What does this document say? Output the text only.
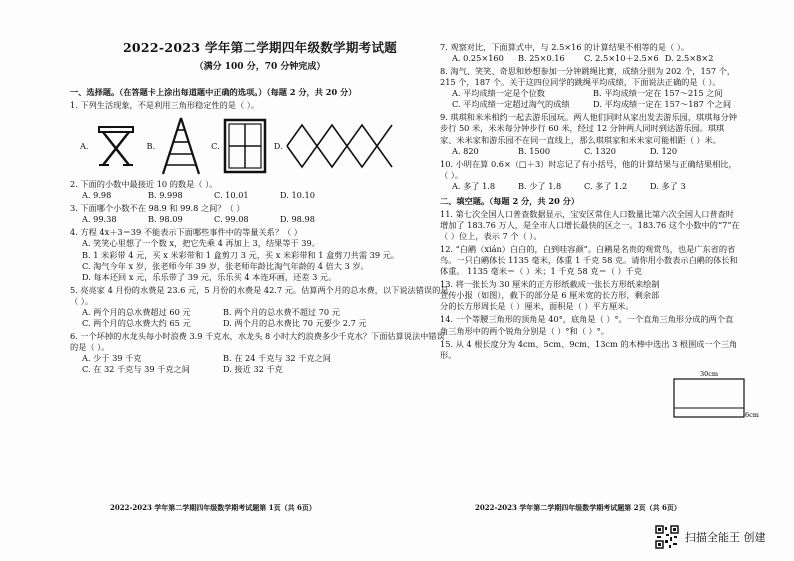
2022-2023 学年第二学期四年级数学期考试题
（满分 100 分，70 分钟完成）
一、选择题。（在答题卡上涂出每道题中正确的选项。）（每题 2 分，共 20 分）
1. 下列生活现象，不是利用三角形稳定性的是（ ）。
A.	B.	C.	D.
2. 下面的小数中最接近 10 的数是（ ）。
A. 9.98	B. 9.998	C. 10.01	D. 10.10
3. 下面哪个小数不在 98.9 和 99.8 之间？（ ）
A. 99.38	B. 98.09	C. 99.08	D. 98.98
4. 方程 4x＋3＝39 不能表示下面哪些事件中的等量关系？（ ）
A. 笑笑心里想了一个数 x，把它先乘 4 再加上 3，结果等于 39。
B. 1 米彩带 4 元，买 x 米彩带和 1 盒剪刀 3 元，买 x 米彩带和 1 盒剪刀共需 39 元。
C. 淘气今年 x 岁，张老师今年 39 岁，张老师年龄比淘气年龄的 4 倍大 3 岁。
D. 每本还回 x 元，乐乐带了 39 元，乐乐买 4 本连环画，还差 3 元。
5. 亮亮家 4 月份的水费是 23.6 元，5 月份的水费是 42.7 元。估算两个月的总水费，以下说法错误的是（ ）。
A. 两个月的总水费超过 60 元	B. 两个月的总水费不超过 70 元
C. 两个月的总水费大约 65 元	D. 两个月的总水费比 70 元要少 2.7 元
6. 一个坏掉的水龙头每小时浪费 3.9 千克水，水龙头 8 小时大约浪费多少千克水？下面估算说法中错误的是（ ）。
A. 少于 39 千克	B. 在 24 千克与 32 千克之间
C. 在 32 千克与 39 千克之间	D. 接近 32 千克
2022-2023 学年第二学期四年级数学期考试题第 1页（共 6页）
7. 观察对比，下面算式中，与 2.5×16 的计算结果不相等的是（ ）。
A. 0.25×160	B. 25×0.16	C. 2.5×10＋2.5×6 D. 2.5×8×2
8. 淘气、笑笑、奇思和妙想参加一分钟跳绳比赛，成绩分别为 202 个，157 个，215 个，187 个。关于这四位同学的跳绳平均成绩，下面说法正确的是（ ）。
A. 平均成绩一定是个位数	B. 平均成绩一定在 157～215 之间
C. 平均成绩一定超过淘气的成绩	D. 平均成绩一定在 157～187 个之间
9. 琪琪和米米相约一起去游乐园玩。两人他们同时从家出发去游乐园，琪琪每分钟步行 50 米，米米每分钟步行 60 米，经过 12 分钟两人同时到达游乐园。琪琪家、米米家和游乐园不在同一直线上，那么琪琪家和米米家可能相距（ ）米。
A. 820	B. 1500	C. 1320	D. 120
10. 小明在算 0.6×（□＋3）时忘记了有小括号，他的计算结果与正确结果相比，（ ）。
A. 多了 1.8	B. 少了 1.8	C. 多了 1.2	D. 多了 3
二、填空题。（每题 2 分，共 20 分）
11. 第七次全国人口普查数据显示，宝安区常住人口数量比第六次全国人口普查时增加了 183.76 万人，是全市人口增长最快的区之一。183.76 这个小数中的“7”在（ ）位上，表示 7 个（ ）。
12. “白鹇（xián）白白的，白到哇容颜”。白鹇是名贵的观赏鸟，也是广东省的省鸟。一只白鹇体长 1135 毫米，体重 1 千克 58 克。请你用小数表示白鹇的体长和体重。 1135 毫米＝（ ）米；1 千克 58 克＝（ ）千克
13. 将一张长为 30 厘米的正方形纸截成一张长方形纸来绘制宣传小报（如图），截下的部分是 6 厘米宽的长方形，剩余部分的长方形周长是（ ）厘米，面积是（ ）平方厘米。
14. 一个等腰三角形的顶角是 40°，底角是（ ）°。一个直角三角形分成的两个直角三角形中的两个锐角分别是（ ）°和（ ）°。
15. 从 4 根长度分为 4cm、5cm、9cm、13cm 的木棒中选出 3 根围成一个三角形。
30cm
6cm
2022-2023 学年第二学期四年级数学期考试题第 2页（共 6页）
扫描全能王 创建
